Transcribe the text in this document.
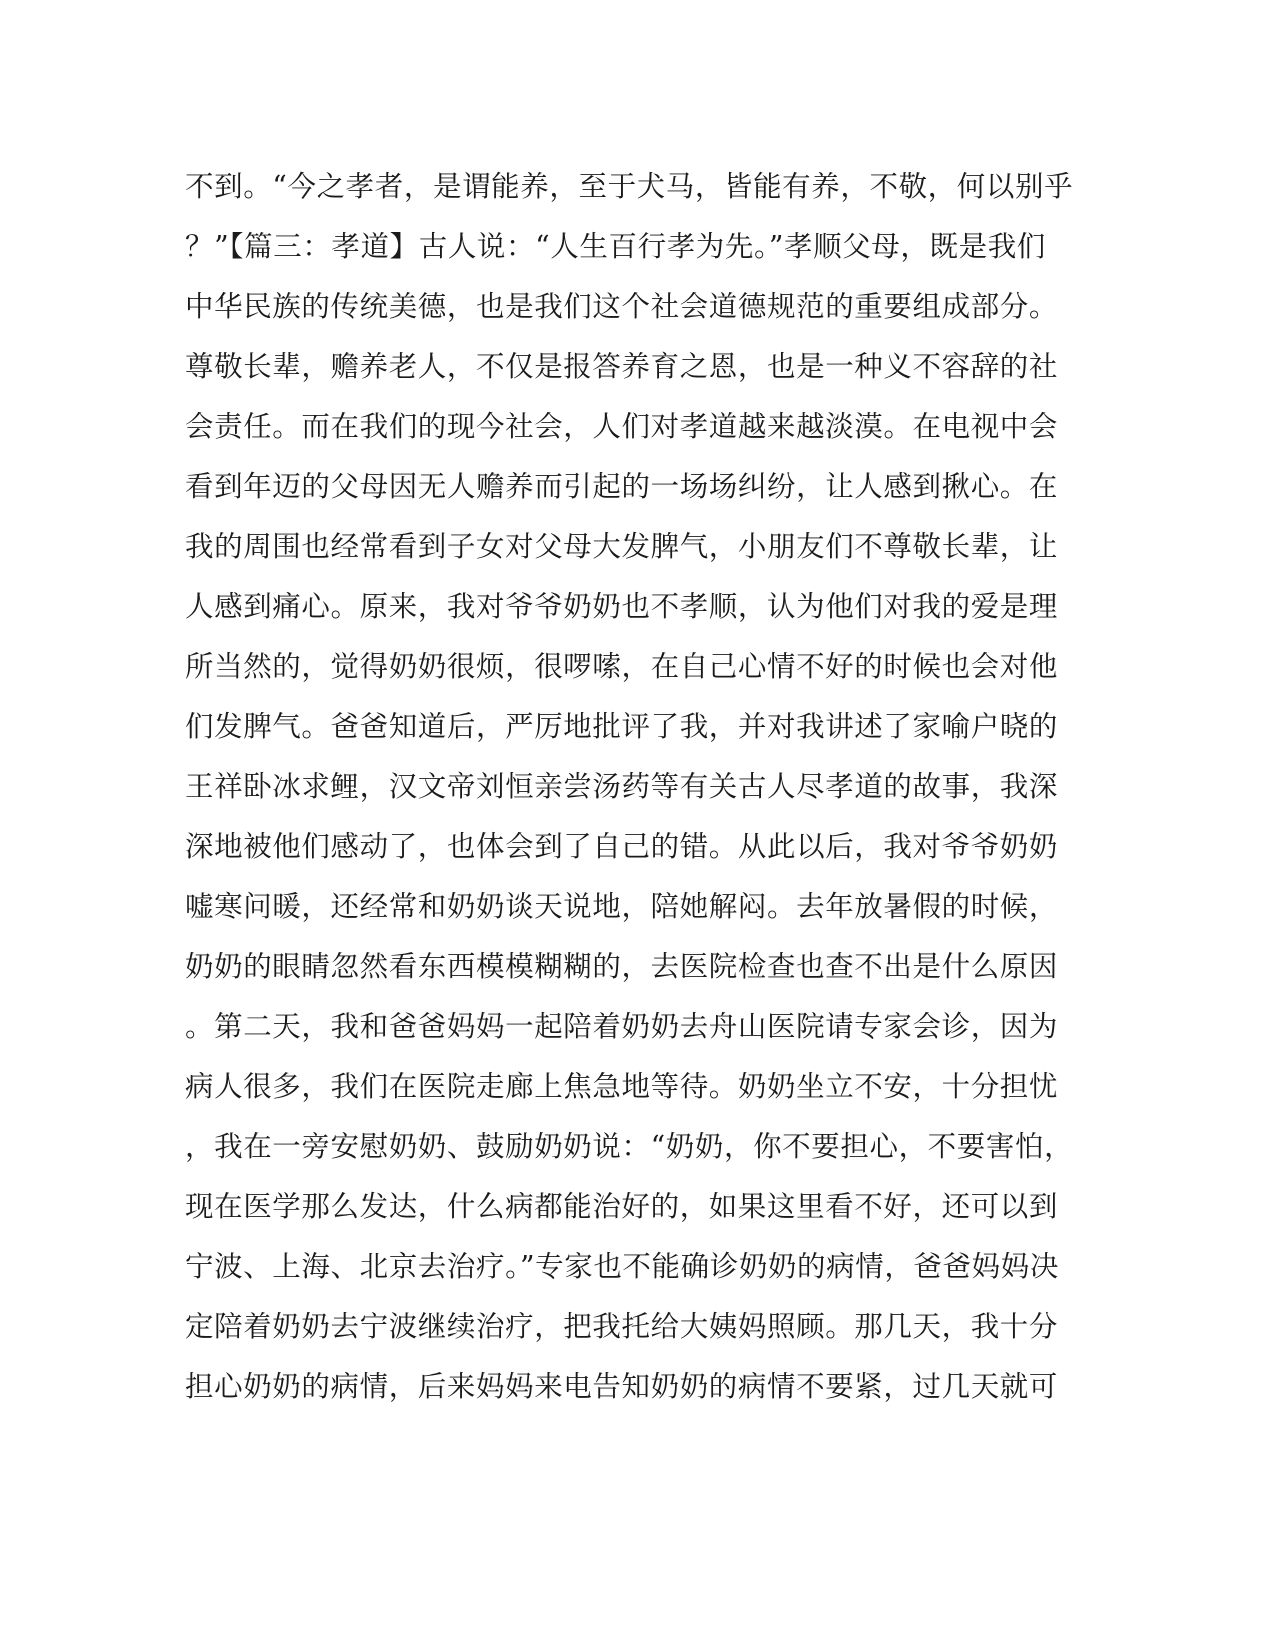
不到。“今之孝者，是谓能养，至于犬马，皆能有养，不敬，何以别乎
？”【篇三：孝道】古人说：“人生百行孝为先。”孝顺父母，既是我们
中华民族的传统美德，也是我们这个社会道德规范的重要组成部分。
尊敬长辈，赡养老人，不仅是报答养育之恩，也是一种义不容辞的社
会责任。而在我们的现今社会，人们对孝道越来越淡漠。在电视中会
看到年迈的父母因无人赡养而引起的一场场纠纷，让人感到揪心。在
我的周围也经常看到子女对父母大发脾气，小朋友们不尊敬长辈，让
人感到痛心。原来，我对爷爷奶奶也不孝顺，认为他们对我的爱是理
所当然的，觉得奶奶很烦，很啰嗦，在自己心情不好的时候也会对他
们发脾气。爸爸知道后，严厉地批评了我，并对我讲述了家喻户晓的
王祥卧冰求鲤，汉文帝刘恒亲尝汤药等有关古人尽孝道的故事，我深
深地被他们感动了，也体会到了自己的错。从此以后，我对爷爷奶奶
嘘寒问暖，还经常和奶奶谈天说地，陪她解闷。去年放暑假的时候，
奶奶的眼睛忽然看东西模模糊糊的，去医院检查也查不出是什么原因
。第二天，我和爸爸妈妈一起陪着奶奶去舟山医院请专家会诊，因为
病人很多，我们在医院走廊上焦急地等待。奶奶坐立不安，十分担忧
，我在一旁安慰奶奶、鼓励奶奶说：“奶奶，你不要担心，不要害怕，
现在医学那么发达，什么病都能治好的，如果这里看不好，还可以到
宁波、上海、北京去治疗。”专家也不能确诊奶奶的病情，爸爸妈妈决
定陪着奶奶去宁波继续治疗，把我托给大姨妈照顾。那几天，我十分
担心奶奶的病情，后来妈妈来电告知奶奶的病情不要紧，过几天就可
